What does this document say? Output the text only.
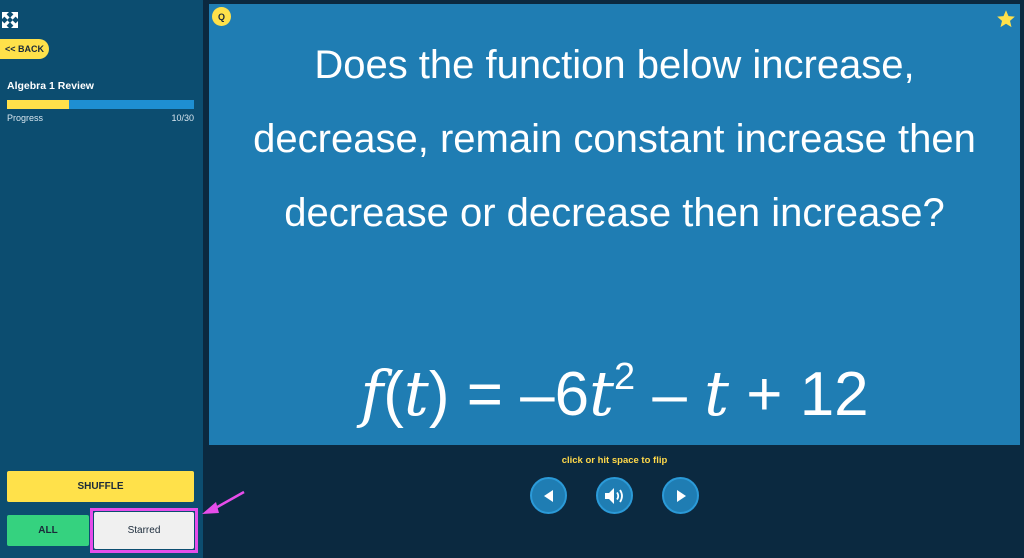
<< BACK
Algebra 1 Review
Progress	10/30
SHUFFLE
ALL	Starred
Q
Does the function below increase, decrease, remain constant increase then decrease or decrease then increase?
$f(t) = -6t^2 - t + 12$
click or hit space to flip
